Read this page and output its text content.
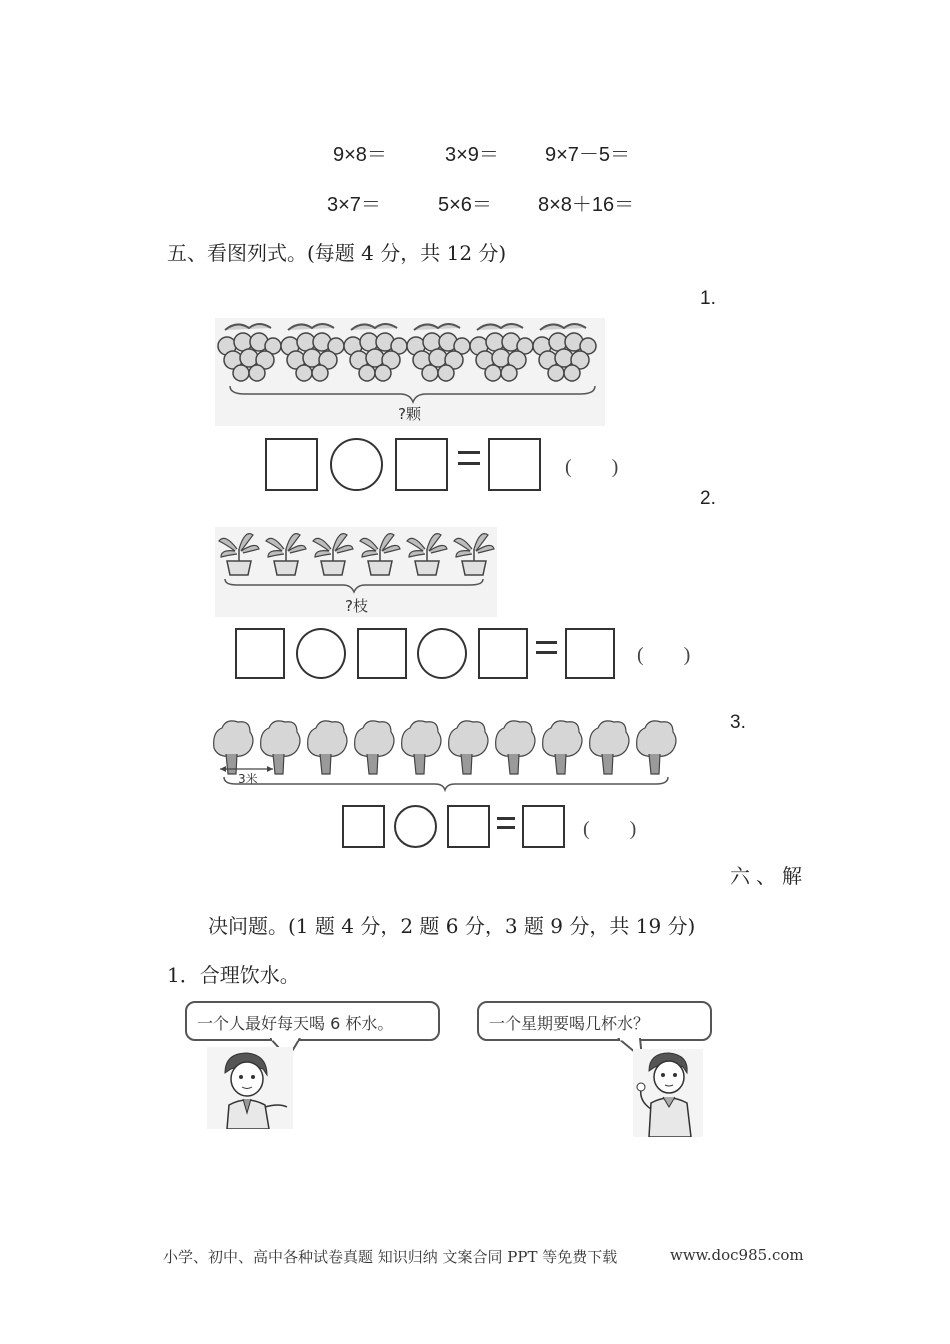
9×8＝	3×9＝ 9×7－5＝
3×7＝	5×6＝ 8×8＋16＝
五、看图列式。(每题 4 分，共 12 分)
1.
?颗
(　　)
2.
?枝
(　　)
3.
3米
(　　)
六、解
决问题。(1 题 4 分，2 题 6 分，3 题 9 分，共 19 分)
1．合理饮水。
一个人最好每天喝 6 杯水。	一个星期要喝几杯水？
小学、初中、高中各种试卷真题 知识归纳 文案合同 PPT 等免费下载	www.doc985.com
